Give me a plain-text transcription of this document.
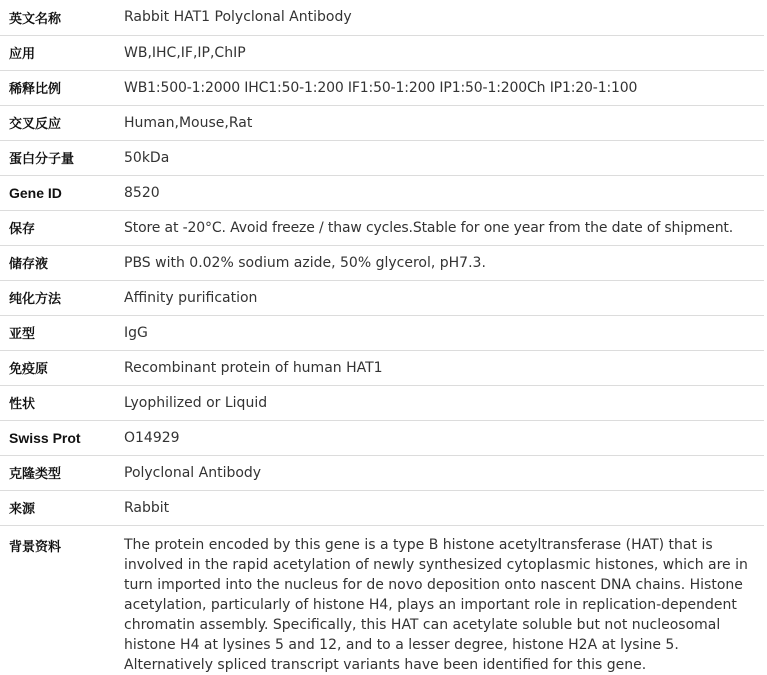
英文名称	Rabbit HAT1 Polyclonal Antibody
应用	WB,IHC,IF,IP,ChIP
稀释比例	WB1:500-1:2000 IHC1:50-1:200 IF1:50-1:200 IP1:50-1:200Ch IP1:20-1:100
交叉反应	Human,Mouse,Rat
蛋白分子量	50kDa
Gene ID	8520
保存	Store at -20°C. Avoid freeze / thaw cycles.Stable for one year from the date of shipment.
储存液	PBS with 0.02% sodium azide, 50% glycerol, pH7.3.
纯化方法	Affinity purification
亚型	IgG
免疫原	Recombinant protein of human HAT1
性状	Lyophilized or Liquid
Swiss Prot	O14929
克隆类型	Polyclonal Antibody
来源	Rabbit
背景资料	The protein encoded by this gene is a type B histone acetyltransferase (HAT) that is involved in the rapid acetylation of newly synthesized cytoplasmic histones, which are in turn imported into the nucleus for de novo deposition onto nascent DNA chains. Histone acetylation, particularly of histone H4, plays an important role in replication-dependent chromatin assembly. Specifically, this HAT can acetylate soluble but not nucleosomal histone H4 at lysines 5 and 12, and to a lesser degree, histone H2A at lysine 5. Alternatively spliced transcript variants have been identified for this gene.
